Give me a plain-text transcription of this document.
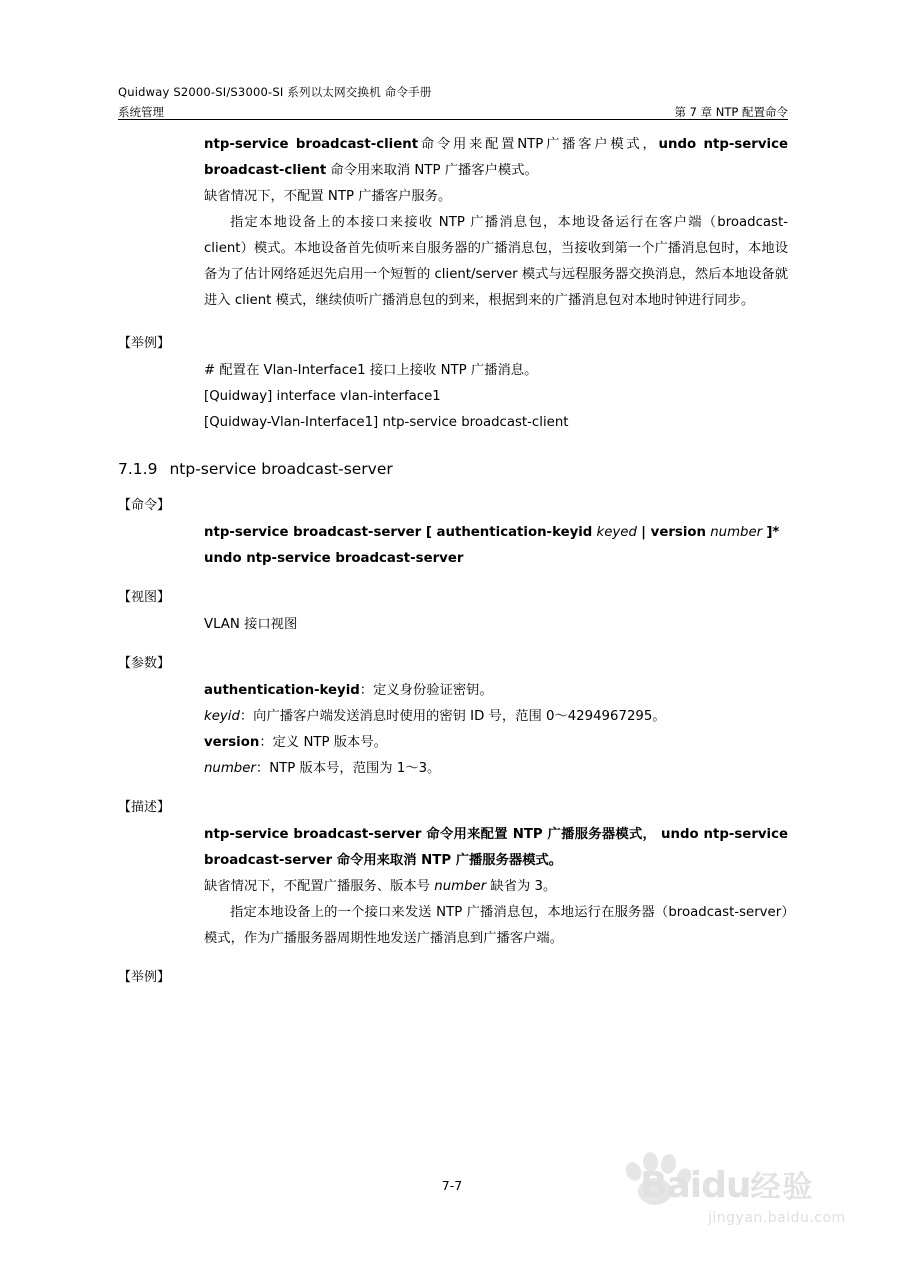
Quidway S2000-SI/S3000-SI 系列以太网交换机 命令手册
系统管理	第 7 章 NTP 配置命令
ntp-service broadcast-client命令用来配置NTP广播客户模式，undo ntp-service broadcast-client 命令用来取消 NTP 广播客户模式。
缺省情况下，不配置 NTP 广播客户服务。
指定本地设备上的本接口来接收 NTP 广播消息包，本地设备运行在客户端（broadcast-client）模式。本地设备首先侦听来自服务器的广播消息包，当接收到第一个广播消息包时，本地设备为了估计网络延迟先启用一个短暂的 client/server 模式与远程服务器交换消息，然后本地设备就进入 client 模式，继续侦听广播消息包的到来，根据到来的广播消息包对本地时钟进行同步。
【举例】

# 配置在 Vlan-Interface1 接口上接收 NTP 广播消息。
[Quidway] interface vlan-interface1
[Quidway-Vlan-Interface1] ntp-service broadcast-client
7.1.9 ntp-service broadcast-server
【命令】

ntp-service broadcast-server [ authentication-keyid keyed | version number ]*
undo ntp-service broadcast-server
【视图】

VLAN 接口视图
【参数】

authentication-keyid：定义身份验证密钥。
keyid：向广播客户端发送消息时使用的密钥 ID 号，范围 0～4294967295。
version：定义 NTP 版本号。
number：NTP 版本号，范围为 1～3。
【描述】

ntp-service broadcast-server 命令用来配置 NTP 广播服务器模式， undo ntp-service broadcast-server 命令用来取消 NTP 广播服务器模式。
缺省情况下，不配置广播服务、版本号 number 缺省为 3。
指定本地设备上的一个接口来发送 NTP 广播消息包，本地运行在服务器（broadcast-server）模式，作为广播服务器周期性地发送广播消息到广播客户端。
【举例】

7-7	Baidu经验
jingyan.baidu.com
